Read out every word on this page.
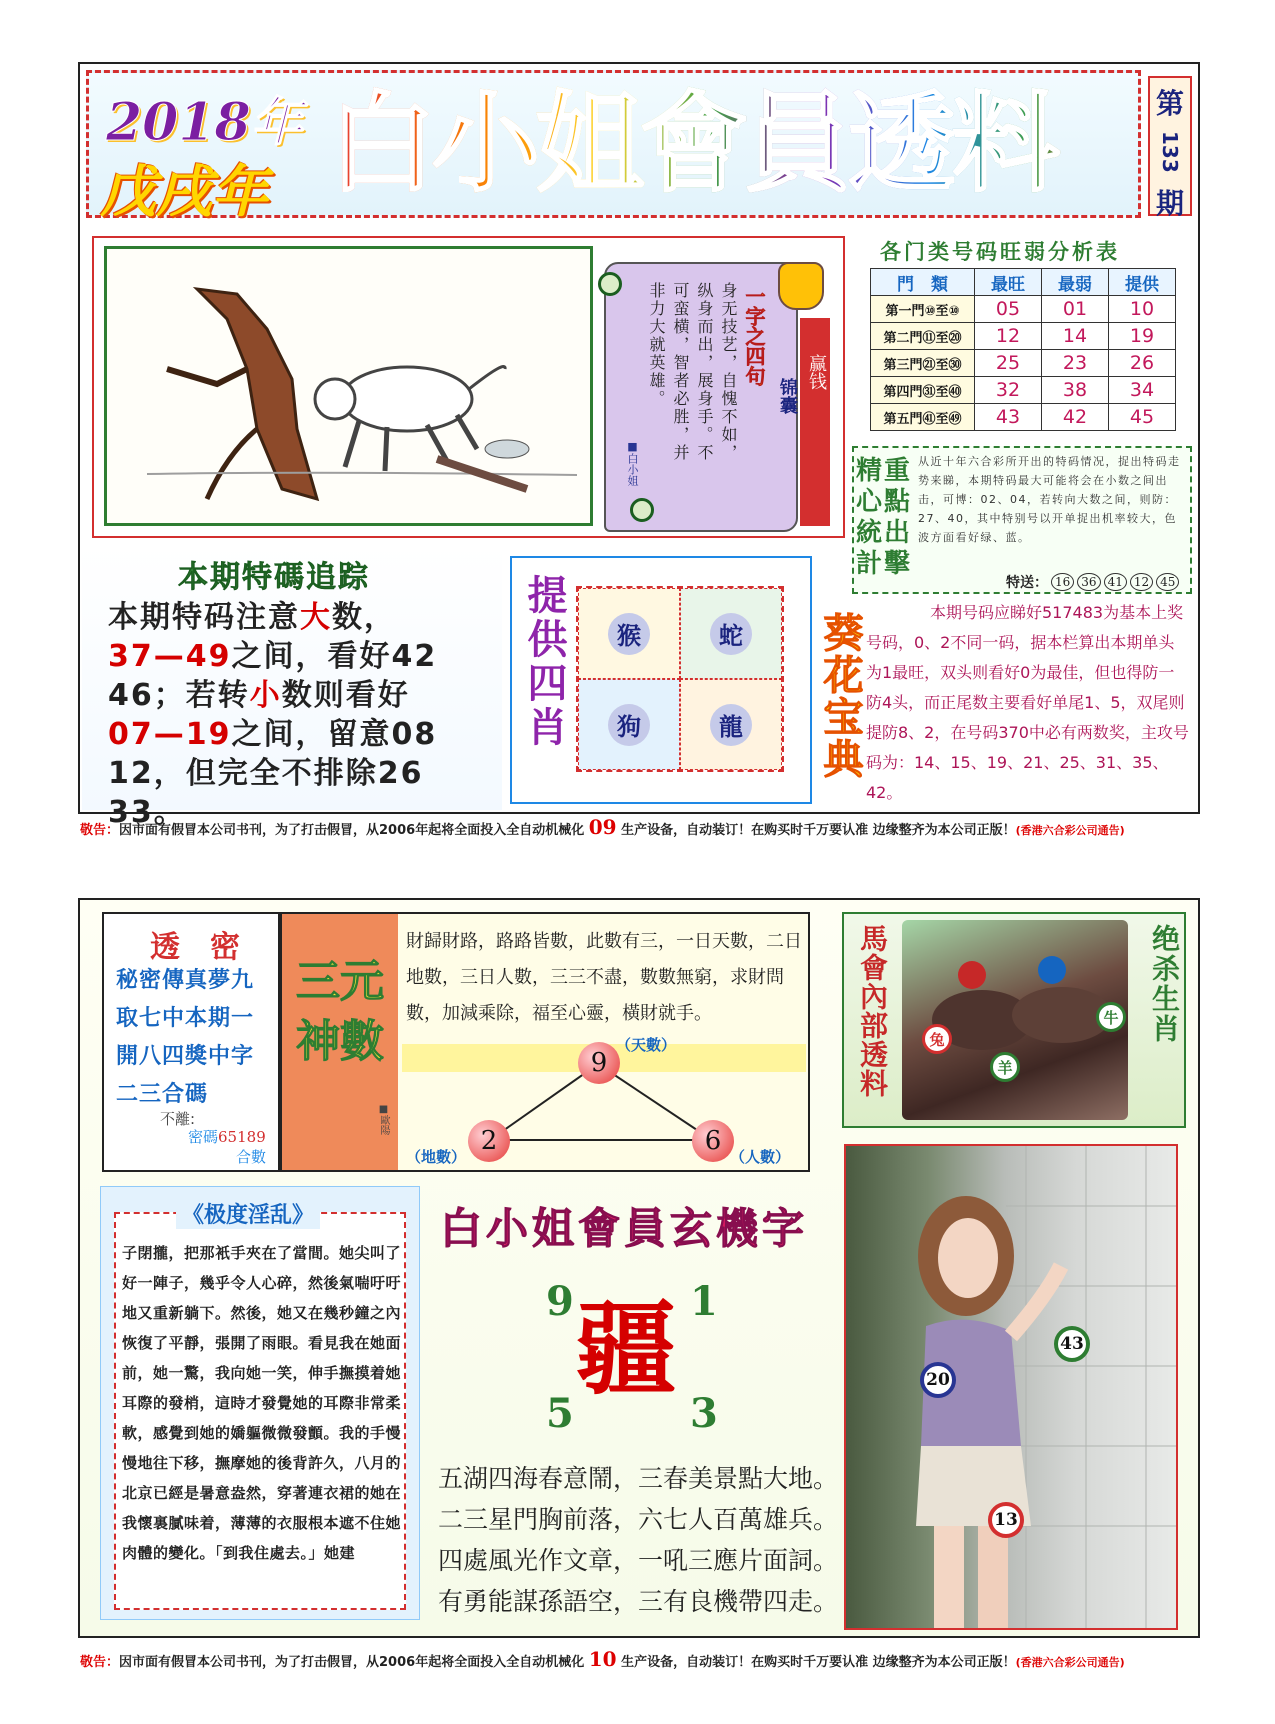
2018年
戊戌年 白小姐會員透料	第
133
期
一字之四句
身无技艺，自愧不如，纵身而出，展身手。不可蛮横，智者必胜，并非力大就英雄。
■白小姐
赢钱
锦囊
各门类号码旺弱分析表
門　類	最旺	最弱	提供
第一門⑩至⑩	05	01	10
第二門⑪至⑳	12	14	19
第三門㉑至㉚	25	23	26
第四門㉛至㊵	32	38	34
第五門㊶至㊾	43	42	45
精重心點統出計擊
从近十年六合彩所开出的特码情况，捉出特码走势来睇，本期特码最大可能将会在小数之间出击，可博：02、04，若转向大数之间，则防：27、40，其中特别号以开单捉出机率较大，色波方面看好绿、蓝。
特送： 16 36 41 12 45
本期特碼追踪
本期特码注意大数，
37—49之间，看好42
46；若转小数则看好
07—19之间，留意08
12，但完全不排除26
33。
提供四肖	猴	蛇
狗	龍 葵花宝典	本期号码应睇好517483为基本上奖号码，0、2不同一码，据本栏算出本期单头为1最旺，双头则看好0为最佳，但也得防一防4头，而正尾数主要看好单尾1、5，双尾则提防8、2，在号码370中必有两数奖，主攻号码为：14、15、19、21、25、31、35、42。
敬告：因市面有假冒本公司书刊，为了打击假冒，从2006年起将全面投入全自动机械化 09 生产设备，自动装订！在购买时千万要认准 边缘整齐为本公司正版！(香港六合彩公司通告)
透　密
秘密傳真夢九取七中本期一開八四獎中字二三合碼
不離:
密碼65189
合數
三元神數
■歐陽
財歸財路，路路皆數，此數有三，一日天數，二日地數，三日人數，三三不盡，數數無窮，求財問數，加減乘除，福至心靈，橫財就手。
9
（天數）
2
（地數）
6
（人數）
馬會內部透料	绝杀生肖
兔
羊
牛
《极度淫乱》
子閉攏，把那衹手夾在了當間。她尖叫了好一陣子，幾乎令人心碎，然後氣喘吁吁地又重新躺下。然後，她又在幾秒鐘之內恢復了平靜，張開了雨眼。看見我在她面前，她一驚，我向她一笑，伸手撫摸着她耳際的發梢，這時才發覺她的耳際非常柔軟，感覺到她的嬌軀微微發顫。我的手慢慢地往下移，撫摩她的後背許久，八月的北京已經是暑意盎然，穿著連衣裙的她在我懷裏膩味着，薄薄的衣服根本遮不住她肉體的變化。「到我住處去。」她建
白小姐會員玄機字
9	1
疆
5	3
五湖四海春意鬧，三春美景點大地。
二三星門胸前落，六七人百萬雄兵。
四處風光作文章，一吼三應片面詞。
有勇能謀孫語空，三有良機帶四走。
43
20
13
敬告：因市面有假冒本公司书刊，为了打击假冒，从2006年起将全面投入全自动机械化 10 生产设备，自动装订！在购买时千万要认准 边缘整齐为本公司正版！(香港六合彩公司通告)
